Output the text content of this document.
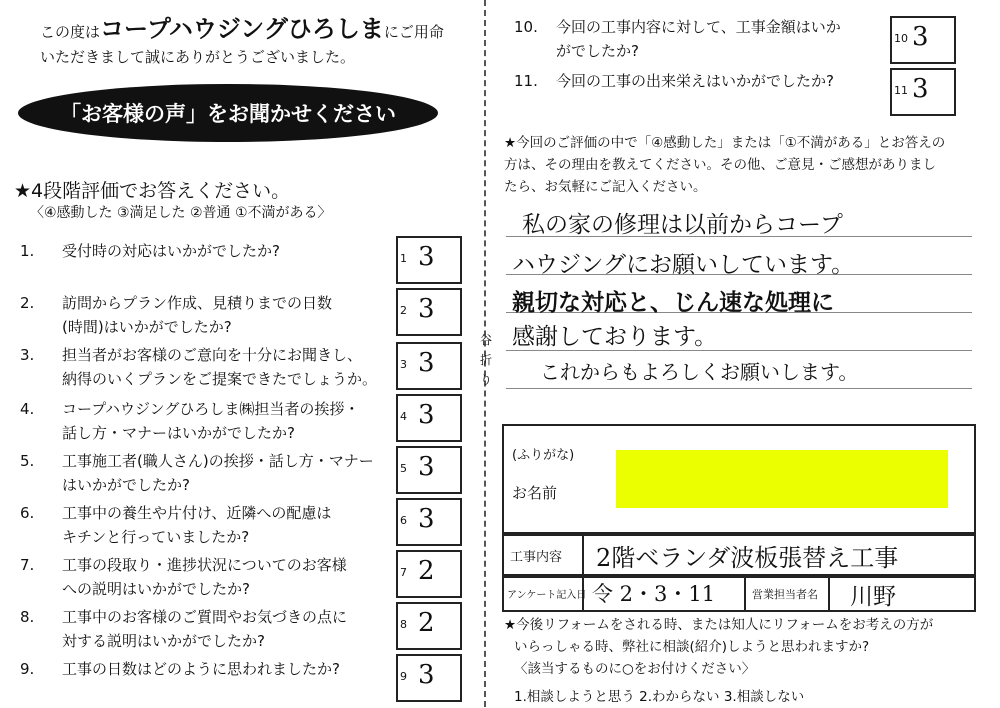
この度はコープハウジングひろしまにご用命
いただきまして誠にありがとうございました。
「お客様の声」をお聞かせください
★4段階評価でお答えください。
〈④感動した ③満足した ②普通 ①不満がある〉
1. 受付時の対応はいかがでしたか?	1 3
2. 訪問からプラン作成、見積りまでの日数
(時間)はいかがでしたか?
2 3
3. 担当者がお客様のご意向を十分にお聞きし、
納得のいくプランをご提案できたでしょうか。
3 3
4. コープハウジングひろしま㈱担当者の挨拶・
話し方・マナーはいかがでしたか?
4 3
5. 工事施工者(職人さん)の挨拶・話し方・マナー
はいかがでしたか?
5 3
6. 工事中の養生や片付け、近隣への配慮は
キチンと行っていましたか?
6 3
7. 工事の段取り・進捗状況についてのお客様
への説明はいかがでしたか?
7 2
8. 工事中のお客様のご質問やお気づきの点に
対する説明はいかがでしたか?
8 2
9. 工事の日数はどのように思われましたか?	9 3
10. 今回の工事内容に対して、工事金額はいか
がでしたか?
10 3
11. 今回の工事の出来栄えはいかがでしたか?
11 3
谷折り
★今回のご評価の中で「④感動した」または「①不満がある」とお答えの
方は、その理由を教えてください。その他、ご意見・ご感想がありまし
たら、お気軽にご記入ください。
私の家の修理は以前からコープ
ハウジングにお願いしています。
親切な対応と、じん速な処理に
感謝しております。
これからもよろしくお願いします。
(ふりがな)
お名前
工事内容 2階ベランダ波板張替え工事
アンケート記入日 令 2・3・11	営業担当者名 川野
★今後リフォームをされる時、または知人にリフォームをお考えの方が
いらっしゃる時、弊社に相談(紹介)しようと思われますか?
〈該当するものに○をお付けください〉
1.相談しようと思う 2.わからない 3.相談しない
